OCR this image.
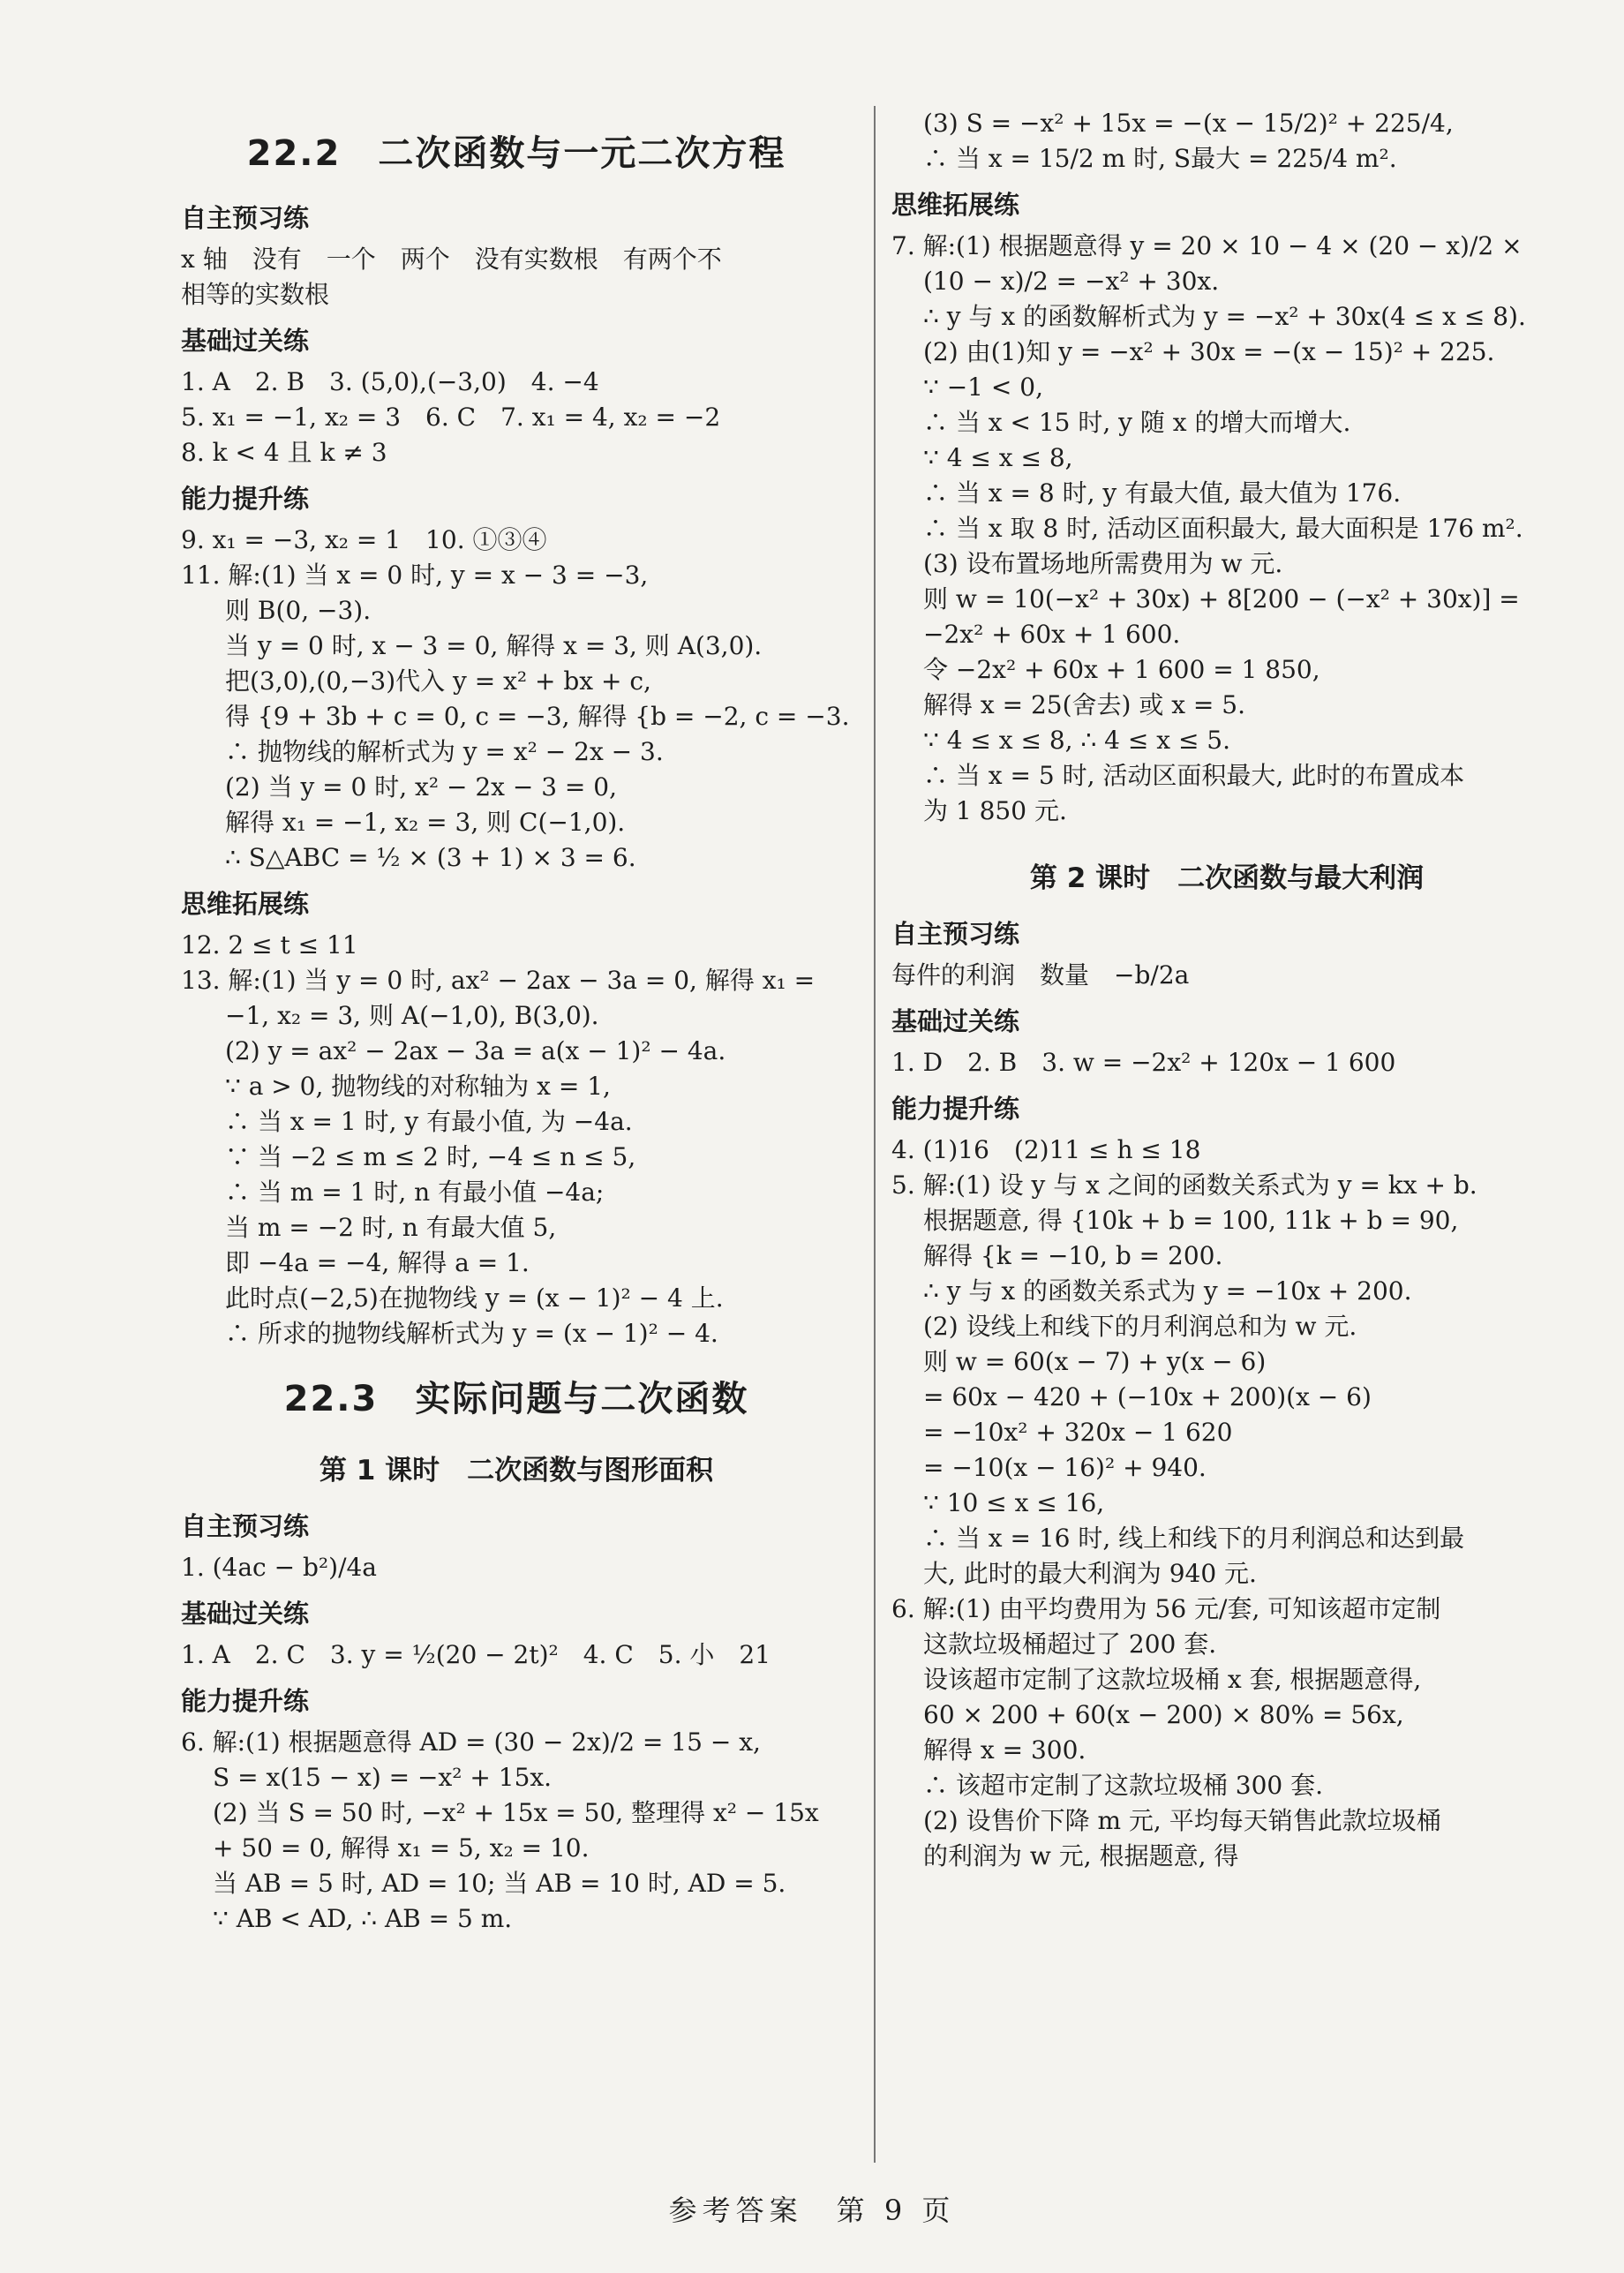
22.2　二次函数与一元二次方程
自主预习练
x 轴　没有　一个　两个　没有实数根　有两个不
相等的实数根
基础过关练
1. A　2. B　3. (5,0),(−3,0)　4. −4
5. x₁ = −1, x₂ = 3　6. C　7. x₁ = 4, x₂ = −2
8. k < 4 且 k ≠ 3
能力提升练
9. x₁ = −3, x₂ = 1　10. ①③④
11. 解:(1) 当 x = 0 时, y = x − 3 = −3,
则 B(0, −3).
当 y = 0 时, x − 3 = 0, 解得 x = 3, 则 A(3,0).
把(3,0),(0,−3)代入 y = x² + bx + c,
得 {9 + 3b + c = 0, c = −3, 解得 {b = −2, c = −3.
∴ 抛物线的解析式为 y = x² − 2x − 3.
(2) 当 y = 0 时, x² − 2x − 3 = 0,
解得 x₁ = −1, x₂ = 3, 则 C(−1,0).
∴ S△ABC = ½ × (3 + 1) × 3 = 6.
思维拓展练
12. 2 ≤ t ≤ 11
13. 解:(1) 当 y = 0 时, ax² − 2ax − 3a = 0, 解得 x₁ =
−1, x₂ = 3, 则 A(−1,0), B(3,0).
(2) y = ax² − 2ax − 3a = a(x − 1)² − 4a.
∵ a > 0, 抛物线的对称轴为 x = 1,
∴ 当 x = 1 时, y 有最小值, 为 −4a.
∵ 当 −2 ≤ m ≤ 2 时, −4 ≤ n ≤ 5,
∴ 当 m = 1 时, n 有最小值 −4a;
当 m = −2 时, n 有最大值 5,
即 −4a = −4, 解得 a = 1.
此时点(−2,5)在抛物线 y = (x − 1)² − 4 上.
∴ 所求的抛物线解析式为 y = (x − 1)² − 4.
22.3　实际问题与二次函数
第 1 课时　二次函数与图形面积
自主预习练
1. (4ac − b²)/4a
基础过关练
1. A　2. C　3. y = ½(20 − 2t)²　4. C　5. 小　21
能力提升练
6. 解:(1) 根据题意得 AD = (30 − 2x)/2 = 15 − x,
S = x(15 − x) = −x² + 15x.
(2) 当 S = 50 时, −x² + 15x = 50, 整理得 x² − 15x
+ 50 = 0, 解得 x₁ = 5, x₂ = 10.
当 AB = 5 时, AD = 10; 当 AB = 10 时, AD = 5.
∵ AB < AD, ∴ AB = 5 m.
(3) S = −x² + 15x = −(x − 15/2)² + 225/4,
∴ 当 x = 15/2 m 时, S最大 = 225/4 m².
思维拓展练
7. 解:(1) 根据题意得 y = 20 × 10 − 4 × (20 − x)/2 ×
(10 − x)/2 = −x² + 30x.
∴ y 与 x 的函数解析式为 y = −x² + 30x(4 ≤ x ≤ 8).
(2) 由(1)知 y = −x² + 30x = −(x − 15)² + 225.
∵ −1 < 0,
∴ 当 x < 15 时, y 随 x 的增大而增大.
∵ 4 ≤ x ≤ 8,
∴ 当 x = 8 时, y 有最大值, 最大值为 176.
∴ 当 x 取 8 时, 活动区面积最大, 最大面积是 176 m².
(3) 设布置场地所需费用为 w 元.
则 w = 10(−x² + 30x) + 8[200 − (−x² + 30x)] =
−2x² + 60x + 1 600.
令 −2x² + 60x + 1 600 = 1 850,
解得 x = 25(舍去) 或 x = 5.
∵ 4 ≤ x ≤ 8, ∴ 4 ≤ x ≤ 5.
∴ 当 x = 5 时, 活动区面积最大, 此时的布置成本
为 1 850 元.
第 2 课时　二次函数与最大利润
自主预习练
每件的利润　数量　−b/2a
基础过关练
1. D　2. B　3. w = −2x² + 120x − 1 600
能力提升练
4. (1)16　(2)11 ≤ h ≤ 18
5. 解:(1) 设 y 与 x 之间的函数关系式为 y = kx + b.
根据题意, 得 {10k + b = 100, 11k + b = 90,
解得 {k = −10, b = 200.
∴ y 与 x 的函数关系式为 y = −10x + 200.
(2) 设线上和线下的月利润总和为 w 元.
则 w = 60(x − 7) + y(x − 6)
= 60x − 420 + (−10x + 200)(x − 6)
= −10x² + 320x − 1 620
= −10(x − 16)² + 940.
∵ 10 ≤ x ≤ 16,
∴ 当 x = 16 时, 线上和线下的月利润总和达到最
大, 此时的最大利润为 940 元.
6. 解:(1) 由平均费用为 56 元/套, 可知该超市定制
这款垃圾桶超过了 200 套.
设该超市定制了这款垃圾桶 x 套, 根据题意得,
60 × 200 + 60(x − 200) × 80% = 56x,
解得 x = 300.
∴ 该超市定制了这款垃圾桶 300 套.
(2) 设售价下降 m 元, 平均每天销售此款垃圾桶
的利润为 w 元, 根据题意, 得
参考答案　第 9 页
